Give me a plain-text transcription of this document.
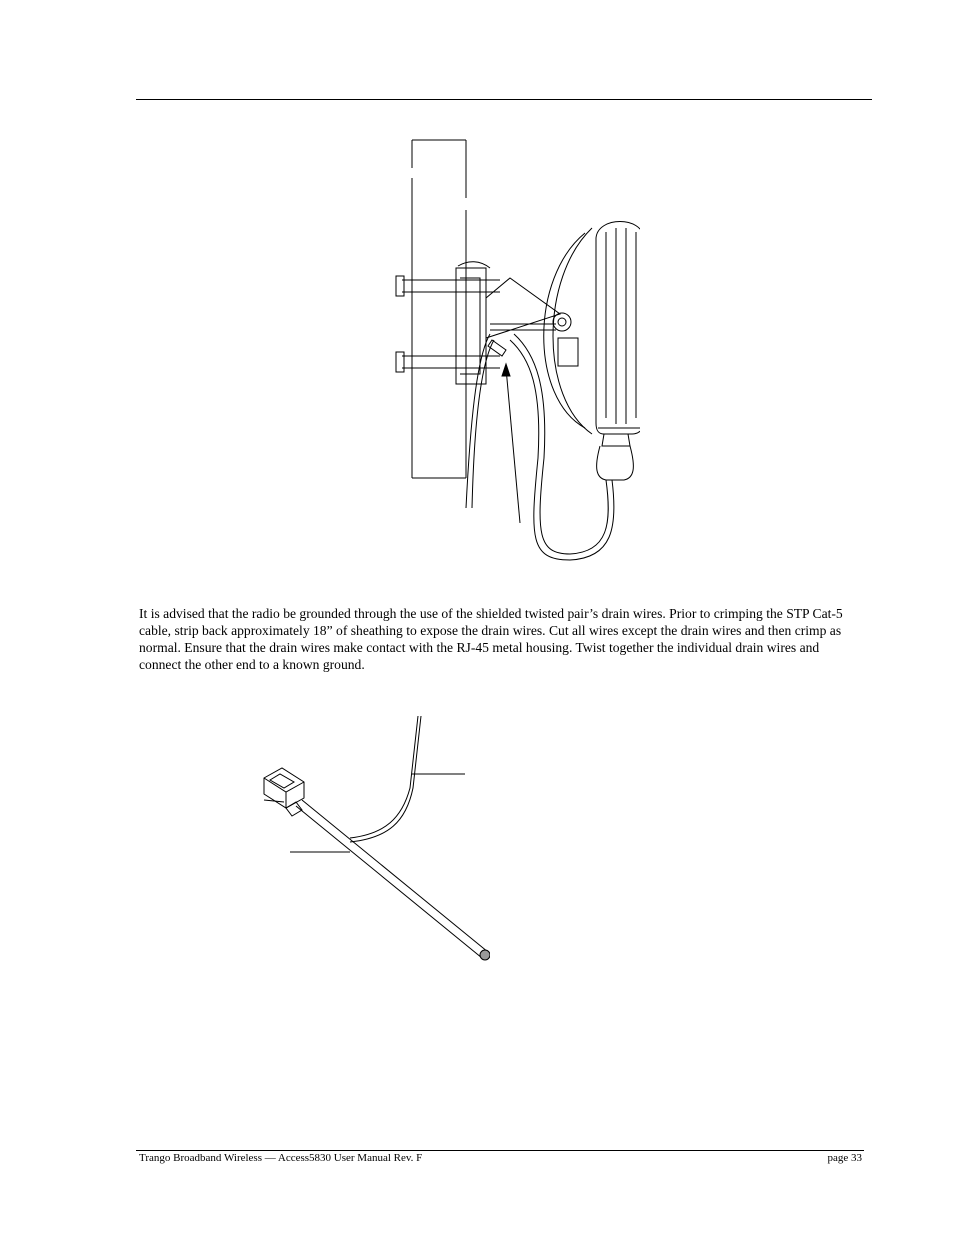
It is advised that the radio be grounded through the use of the shielded twisted pair’s drain wires. Prior to crimping the STP Cat-5 cable, strip back approximately 18” of sheathing to expose the drain wires. Cut all wires except the drain wires and then crimp as normal. Ensure that the drain wires make contact with the RJ-45 metal housing. Twist together the individual drain wires and connect the other end to a known ground.

Trango Broadband Wireless — Access5830 User Manual Rev. F	page 33
